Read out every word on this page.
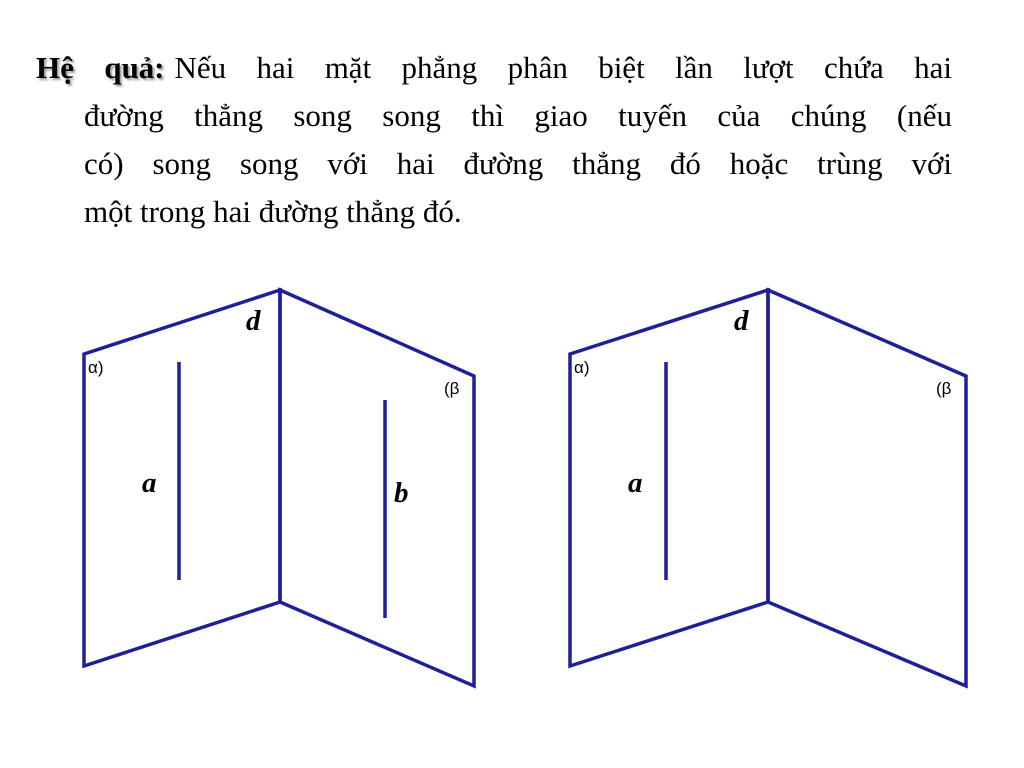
Hệ quả: Nếu hai mặt phẳng phân biệt lần lượt chứa hai
đường thẳng song song thì giao tuyến của chúng (nếu
có) song song với hai đường thẳng đó hoặc trùng với
một trong hai đường thẳng đó.
d
a	b
α)
(β
d
a
α)
(β
